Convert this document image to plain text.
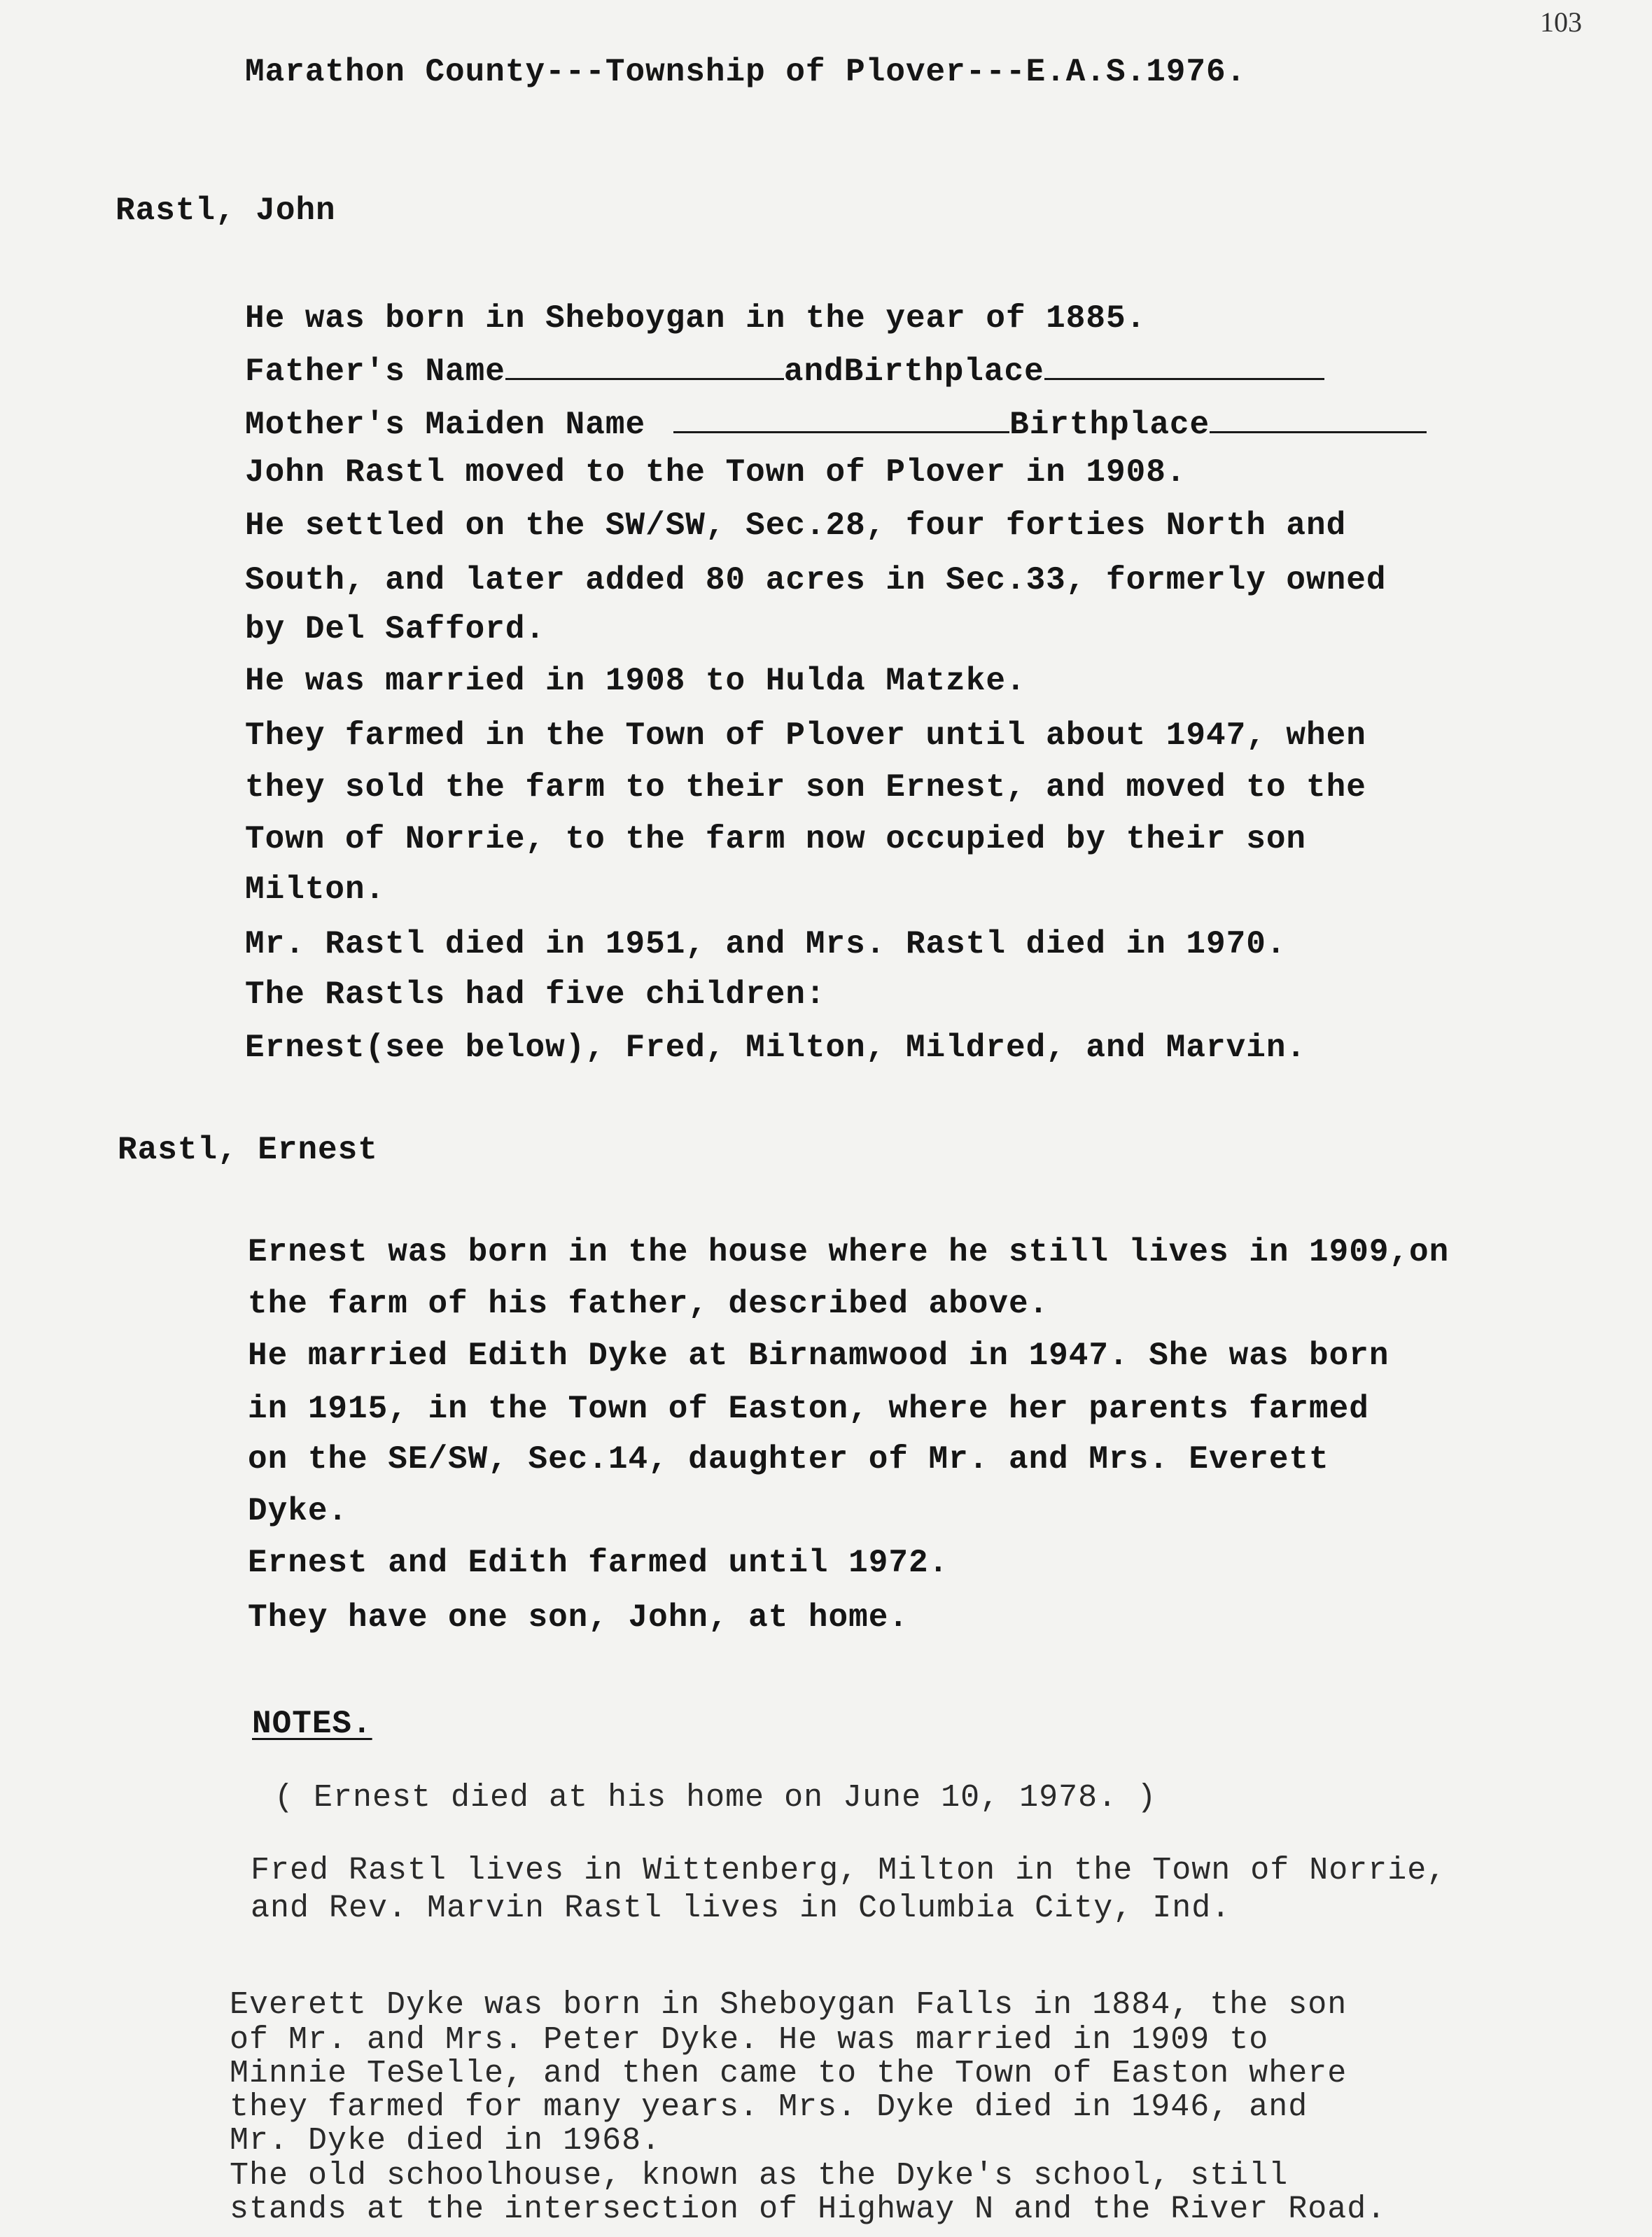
103
Marathon County---Township of Plover---E.A.S.1976.
Rastl, John
He was born in Sheboygan in the year of 1885.
Father's Name	andBirthplace
Mother's Maiden Name	Birthplace
John Rastl moved to the Town of Plover in 1908.
He settled on the SW/SW, Sec.28, four forties North and
South, and later added 80 acres in Sec.33, formerly owned
by Del Safford.
He was married in 1908 to Hulda Matzke.
They farmed in the Town of Plover until about 1947, when
they sold the farm to their son Ernest, and moved to the
Town of Norrie, to the farm now occupied by their son
Milton.
Mr. Rastl died in 1951, and Mrs. Rastl died in 1970.
The Rastls had five children:
Ernest(see below), Fred, Milton, Mildred, and Marvin.
Rastl, Ernest
Ernest was born in the house where he still lives in 1909,on
the farm of his father, described above.
He married Edith Dyke at Birnamwood in 1947. She was born
in 1915, in the Town of Easton, where her parents farmed
on the SE/SW, Sec.14, daughter of Mr. and Mrs. Everett
Dyke.
Ernest and Edith farmed until 1972.
They have one son, John, at home.
NOTES.
( Ernest died at his home on June 10, 1978. )
Fred Rastl lives in Wittenberg, Milton in the Town of Norrie,
and Rev. Marvin Rastl lives in Columbia City, Ind.
Everett Dyke was born in Sheboygan Falls in 1884, the son
of Mr. and Mrs. Peter Dyke. He was married in 1909 to
Minnie TeSelle, and then came to the Town of Easton where
they farmed for many years. Mrs. Dyke died in 1946, and
Mr. Dyke died in 1968.
The old schoolhouse, known as the Dyke's school, still
stands at the intersection of Highway N and the River Road.
